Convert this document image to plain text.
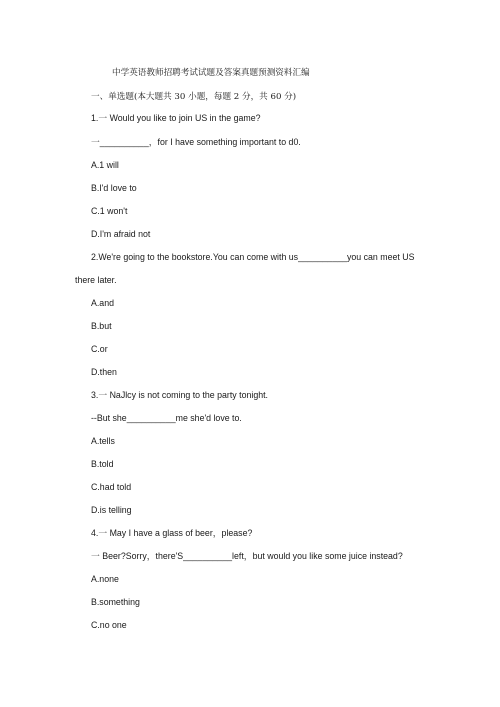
中学英语教师招聘考试试题及答案真题预测资料汇编
一、单选题(本大题共 30 小题，每题 2 分，共 60 分)
1.一 Would you like to join US in the game?
一__________，for I have something important to d0.
A.1 will
B.I'd love to
C.1 won't
D.I'm afraid not
2.We're going to the bookstore.You can come with us__________you can meet US
there later.
A.and
B.but
C.or
D.then
3.一 NaJlcy is not coming to the party tonight.
--But she__________me she'd love to.
A.tells
B.told
C.had told
D.is telling
4.一 May I have a glass of beer，please?
一 Beer?Sorry，there'S__________left，but would you like some juice instead?
A.none
B.something
C.no one
